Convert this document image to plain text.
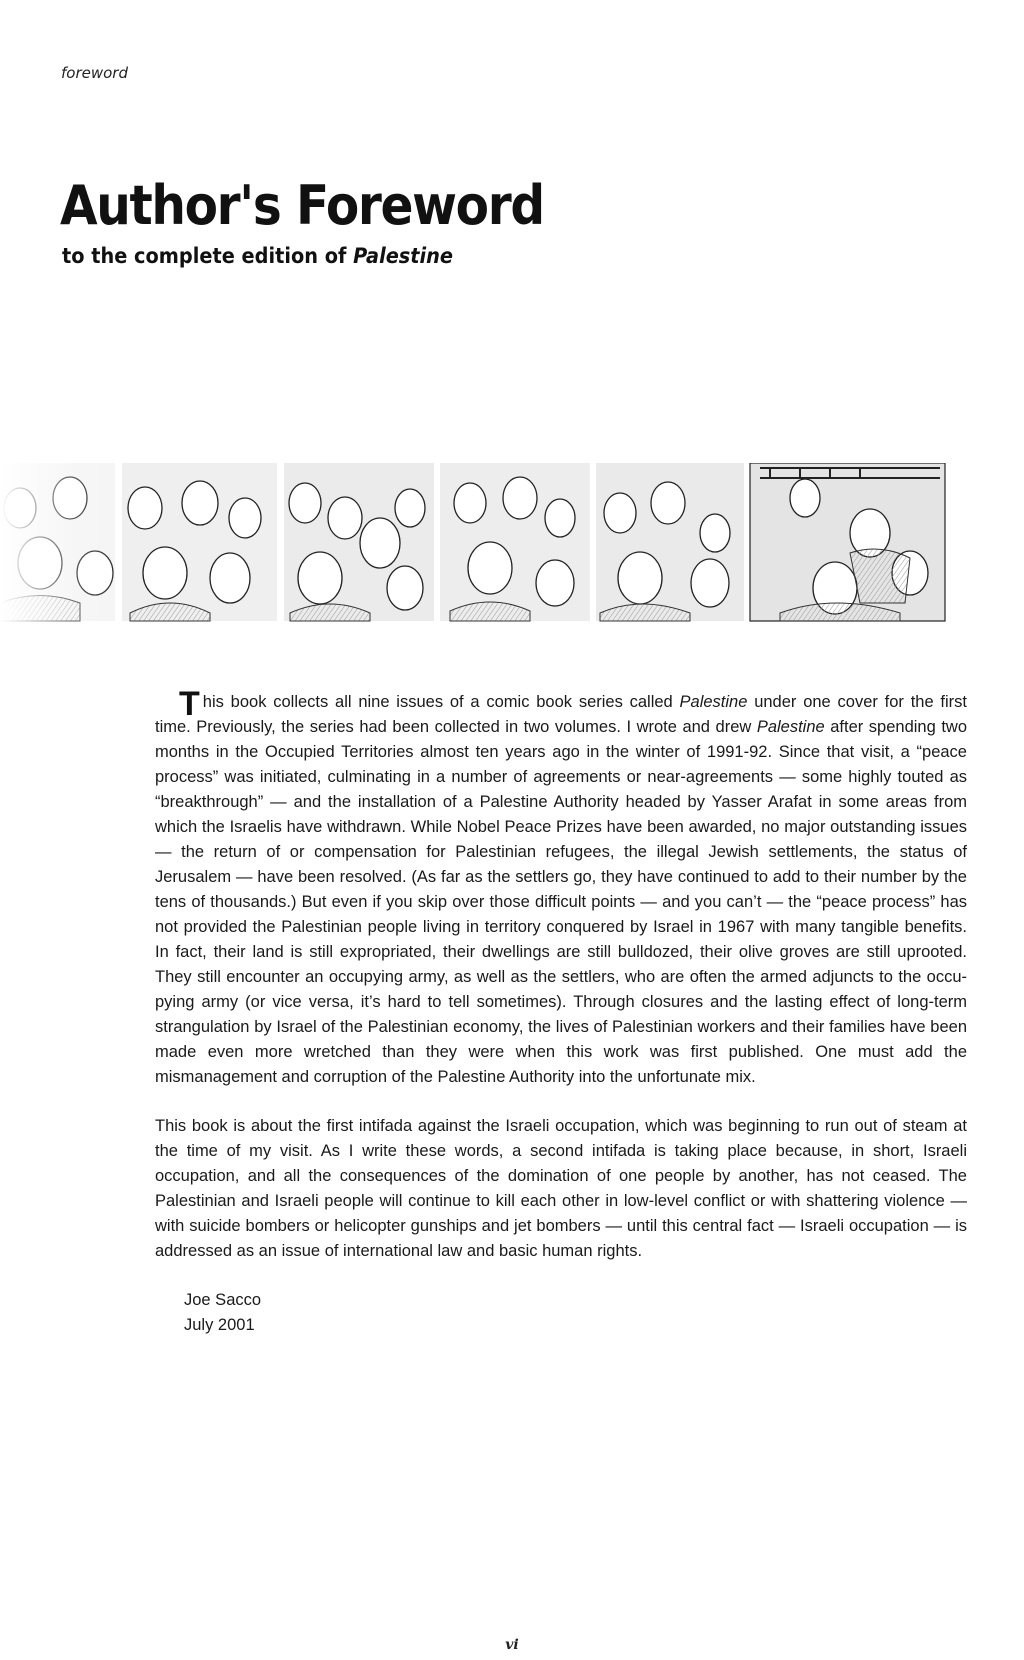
foreword
Author's Foreword
to the complete edition of Palestine

This book collects all nine issues of a comic book series called Palestine under one cover for the first time. Previously, the series had been collected in two volumes. I wrote and drew Palestine after spending two months in the Occupied Territories almost ten years ago in the winter of 1991-92. Since that visit, a “peace process” was initiated, culminating in a number of agreements or near-agreements — some highly touted as “breakthrough” — and the installation of a Palestine Authority headed by Yasser Arafat in some areas from which the Israelis have withdrawn. While Nobel Peace Prizes have been awarded, no major outstanding issues — the return of or compensation for Palestinian refugees, the illegal Jewish settlements, the status of Jerusalem — have been resolved. (As far as the settlers go, they have continued to add to their number by the tens of thousands.) But even if you skip over those difficult points — and you can’t — the “peace process” has not provided the Palestinian people living in territory conquered by Israel in 1967 with many tangible benefits. In fact, their land is still expropriated, their dwellings are still bulldozed, their olive groves are still uprooted. They still encounter an occupying army, as well as the settlers, who are often the armed adjuncts to the occupying army (or vice versa, it’s hard to tell sometimes). Through closures and the lasting effect of long-term strangulation by Israel of the Palestinian economy, the lives of Palestinian workers and their families have been made even more wretched than they were when this work was first published. One must add the mismanagement and corruption of the Palestine Authority into the unfortunate mix.

This book is about the first intifada against the Israeli occupation, which was beginning to run out of steam at the time of my visit. As I write these words, a second intifada is taking place because, in short, Israeli occupation, and all the consequences of the domination of one people by another, has not ceased. The Palestinian and Israeli people will continue to kill each other in low-level conflict or with shattering violence — with suicide bombers or helicopter gunships and jet bombers — until this central fact — Israeli occupation — is addressed as an issue of international law and basic human rights.

Joe Sacco
July 2001
vi
